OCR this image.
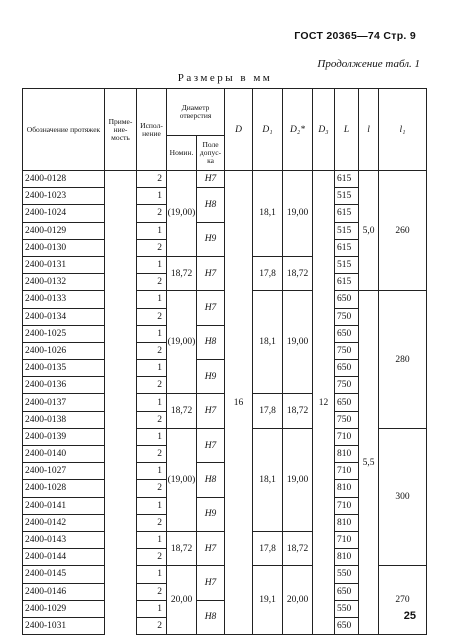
ГОСТ 20365—74 Стр. 9
Продолжение табл. 1
Размеры в мм
Обозначение протяжек	Приме- ние- мость	Испол- нение	Диаметр отверстия		D	D₁	D₂*	D₃	L	l	l₁
			Номин.	Поле допус- ка							
2400-0128		2	(19,00)	H7	16	18,1	19,00	12	615	5,0	260
2400-1023		1		H8					515		
2400-1024		2							615		
2400-0129		1		H9					515		
2400-0130		2							615		
2400-0131		1	18,72	H7		17,8	18,72		515		
2400-0132		2							615		
2400-0133		1	(19,00)	H7		18,1	19,00		650	5,5	280
2400-0134		2							750		
2400-1025		1		H8					650		
2400-1026		2							750		
2400-0135		1		H9					650		
2400-0136		2							750		
2400-0137		1	18,72	H7		17,8	18,72		650		
2400-0138		2							750		
2400-0139		1	(19,00)	H7		18,1	19,00		710		300
2400-0140		2							810		
2400-1027		1		H8					710		
2400-1028		2							810		
2400-0141		1		H9					710		
2400-0142		2							810		
2400-0143		1	18,72	H7		17,8	18,72		710		
2400-0144		2							810		
2400-0145		1	20,00	H7		19,1	20,00		550		270
2400-0146		2							650		
2400-1029		1		H8					550		
2400-1031		2							650		
25
